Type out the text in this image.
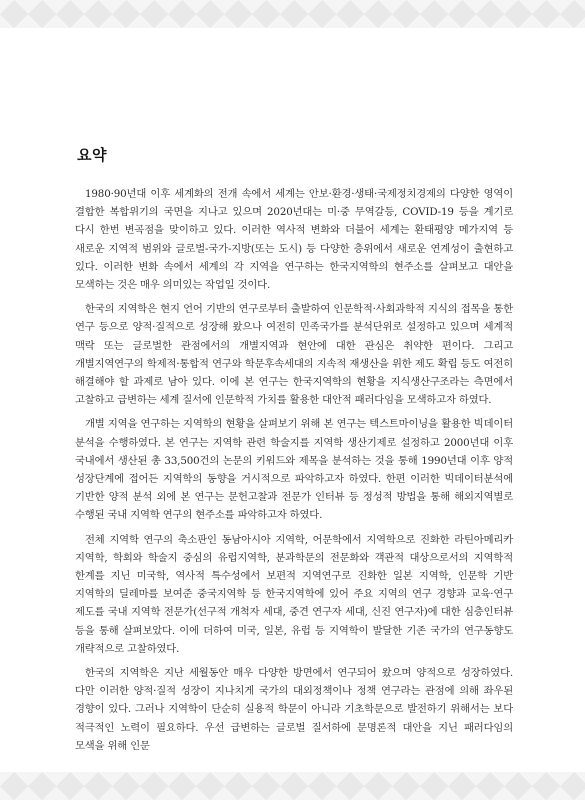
요약

1980·90년대 이후 세계화의 전개 속에서 세계는 안보·환경·생태·국제정치경제의 다양한 영역이 결합한 복합위기의 국면을 지나고 있으며 2020년대는 미·중 무역갈등, COVID-19 등을 계기로 다시 한번 변곡점을 맞이하고 있다. 이러한 역사적 변화와 더불어 세계는 환태평양 메가지역 등 새로운 지역적 범위와 글로벌-국가-지방(또는 도시) 등 다양한 층위에서 새로운 연계성이 출현하고 있다. 이러한 변화 속에서 세계의 각 지역을 연구하는 한국지역학의 현주소를 살펴보고 대안을 모색하는 것은 매우 의미있는 작업일 것이다.

한국의 지역학은 현지 언어 기반의 연구로부터 출발하여 인문학적·사회과학적 지식의 접목을 통한 연구 등으로 양적·질적으로 성장해 왔으나 여전히 민족국가를 분석단위로 설정하고 있으며 세계적 맥락 또는 글로벌한 관점에서의 개별지역과 현안에 대한 관심은 취약한 편이다. 그리고 개별지역연구의 학제적·통합적 연구와 학문후속세대의 지속적 재생산을 위한 제도 확립 등도 여전히 해결해야 할 과제로 남아 있다. 이에 본 연구는 한국지역학의 현황을 지식생산구조라는 측면에서 고찰하고 급변하는 세계 질서에 인문학적 가치를 활용한 대안적 패러다임을 모색하고자 하였다.

개별 지역을 연구하는 지역학의 현황을 살펴보기 위해 본 연구는 텍스트마이닝을 활용한 빅데이터 분석을 수행하였다. 본 연구는 지역학 관련 학술지를 지역학 생산기제로 설정하고 2000년대 이후 국내에서 생산된 총 33,500건의 논문의 키워드와 제목을 분석하는 것을 통해 1990년대 이후 양적 성장단계에 접어든 지역학의 동향을 거시적으로 파악하고자 하였다. 한편 이러한 빅데이터분석에 기반한 양적 분석 외에 본 연구는 문헌고찰과 전문가 인터뷰 등 정성적 방법을 통해 해외지역별로 수행된 국내 지역학 연구의 현주소를 파악하고자 하였다.

전체 지역학 연구의 축소판인 동남아시아 지역학, 어문학에서 지역학으로 진화한 라틴아메리카 지역학, 학회와 학술지 중심의 유럽지역학, 분과학문의 전문화와 객관적 대상으로서의 지역학적 한계를 지닌 미국학, 역사적 특수성에서 보편적 지역연구로 진화한 일본 지역학, 인문학 기반 지역학의 딜레마를 보여준 중국지역학 등 한국지역학에 있어 주요 지역의 연구 경향과 교육·연구 제도를 국내 지역학 전문가(선구적 개척자 세대, 중견 연구자 세대, 신진 연구자)에 대한 심층인터뷰 등을 통해 살펴보았다. 이에 더하여 미국, 일본, 유럽 등 지역학이 발달한 기존 국가의 연구동향도 개략적으로 고찰하였다.

한국의 지역학은 지난 세월동안 매우 다양한 방면에서 연구되어 왔으며 양적으로 성장하였다. 다만 이러한 양적·질적 성장이 지나치게 국가의 대외정책이나 정책 연구라는 관점에 의해 좌우된 경향이 있다. 그러나 지역학이 단순히 실용적 학문이 아니라 기초학문으로 발전하기 위해서는 보다 적극적인 노력이 필요하다. 우선 급변하는 글로벌 질서하에 문명론적 대안을 지닌 패러다임의 모색을 위해 인문
